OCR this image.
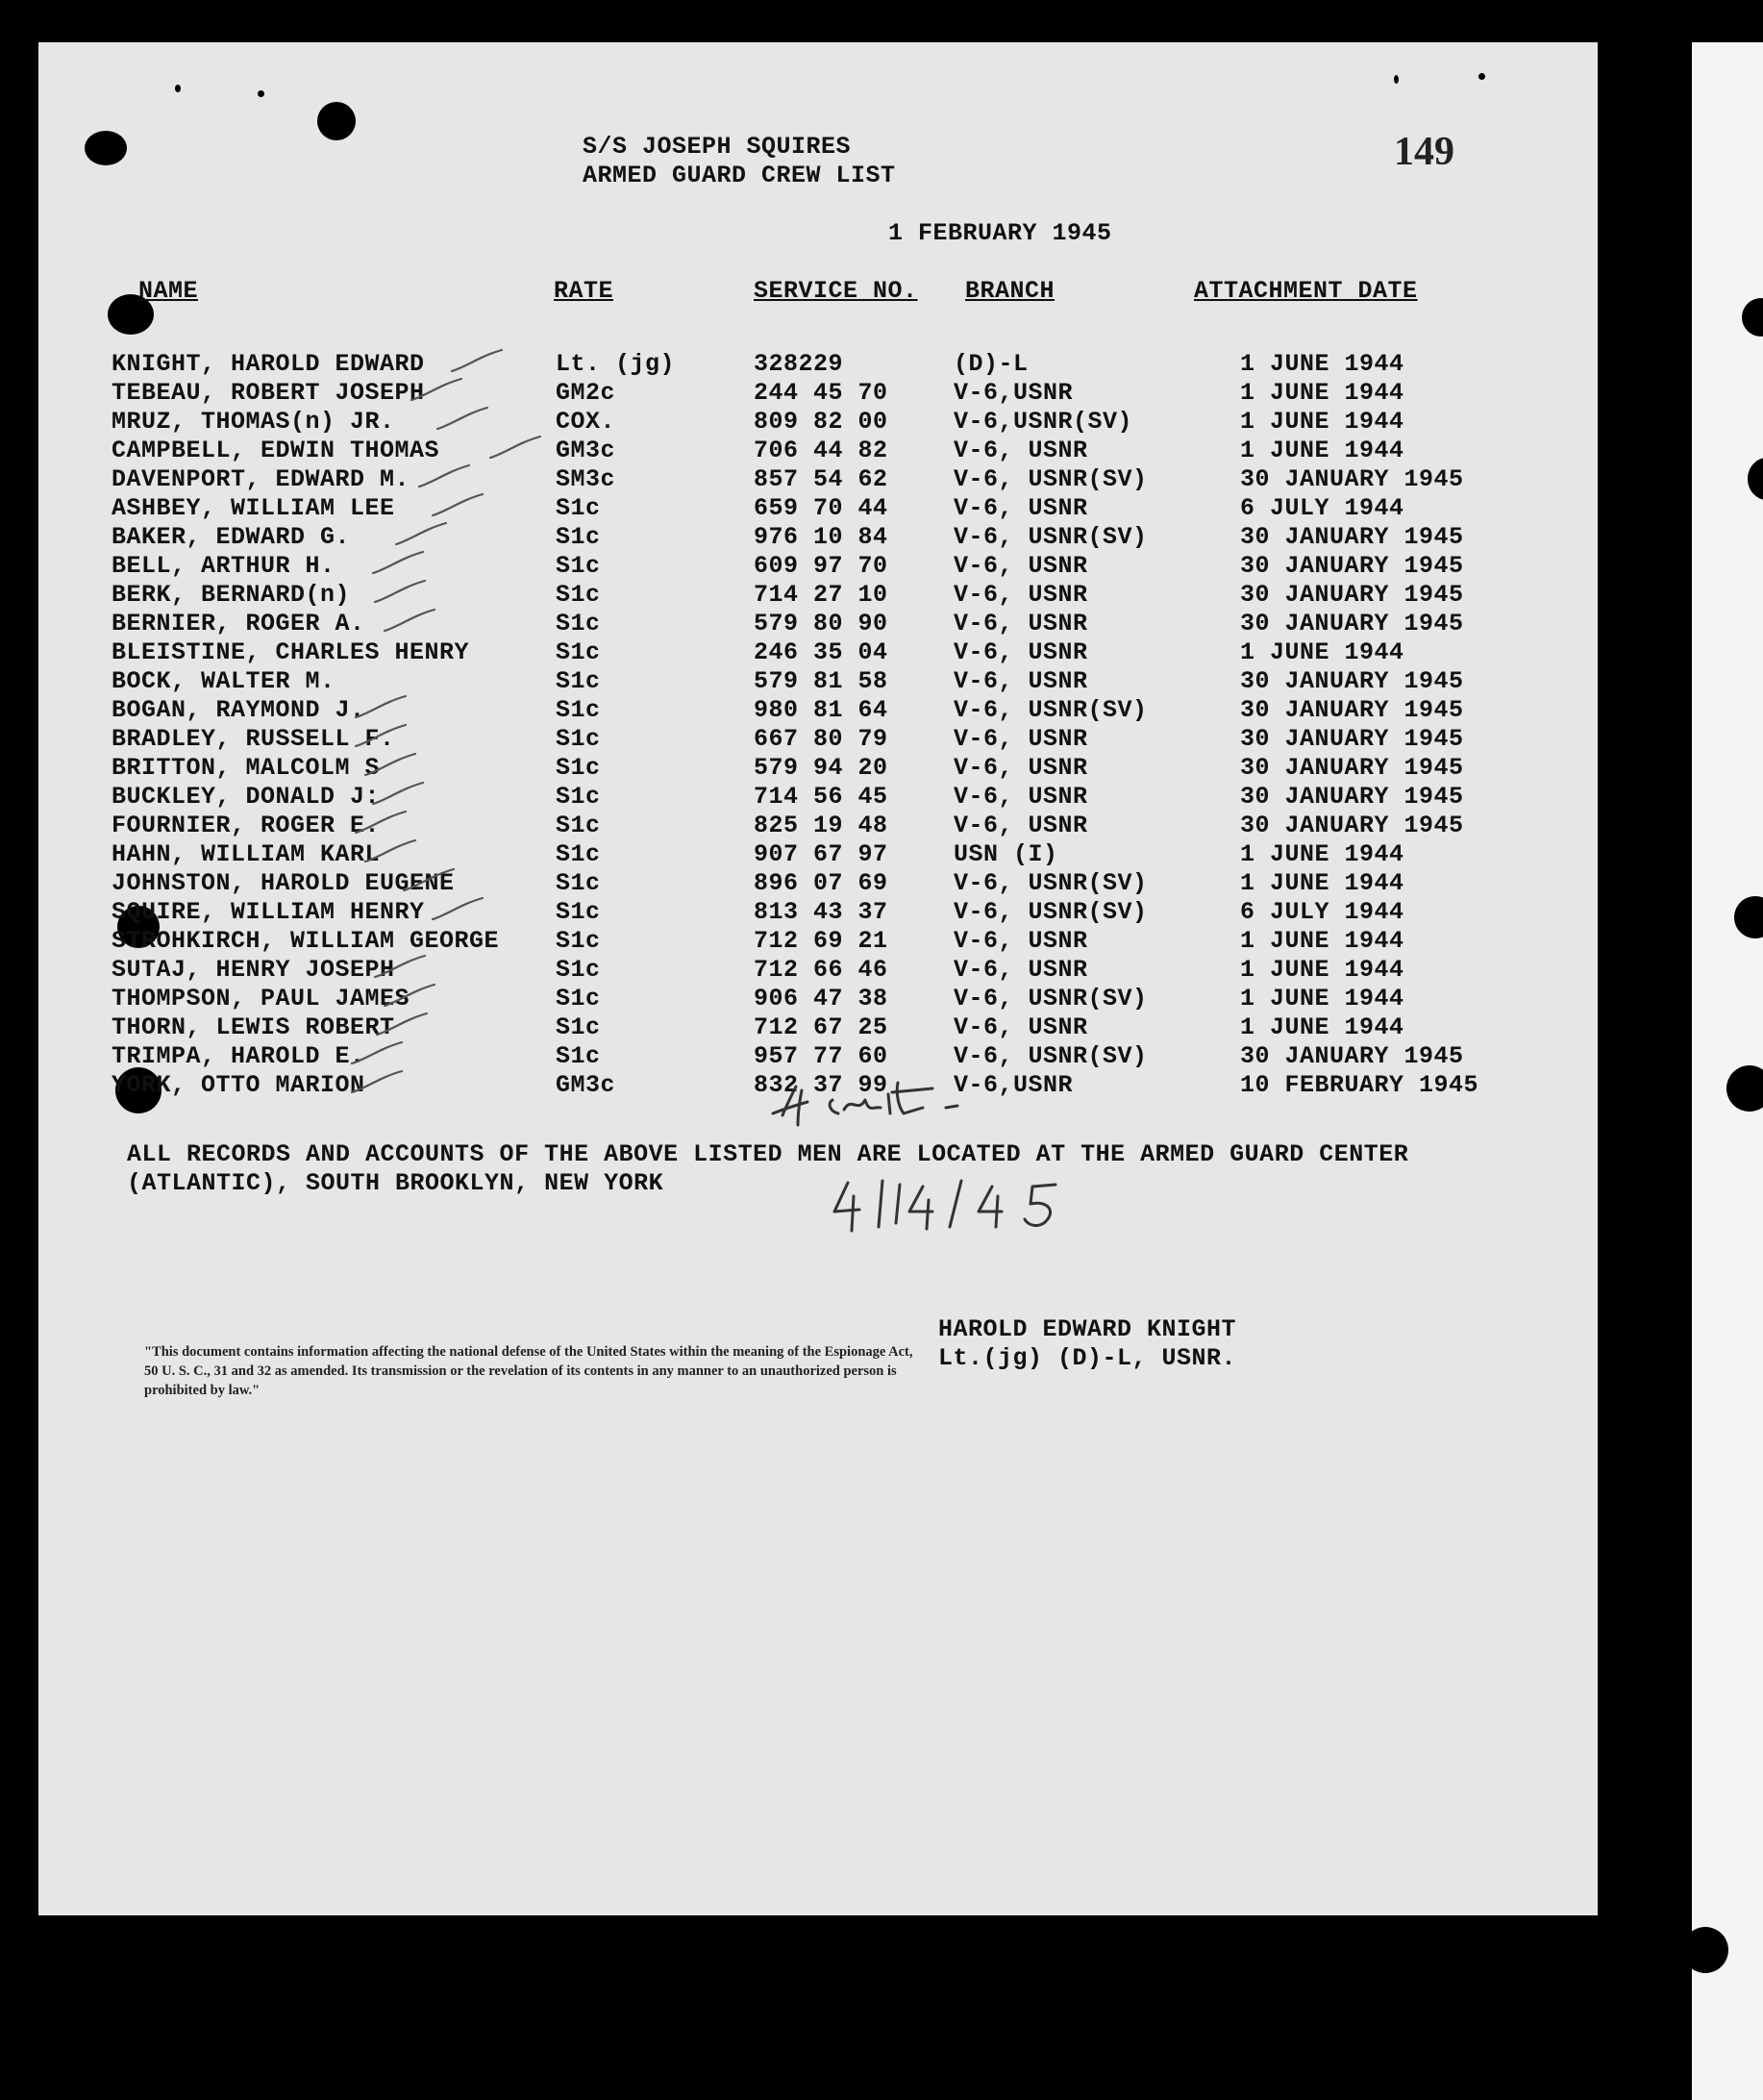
149
S/S JOSEPH SQUIRES
ARMED GUARD CREW LIST
1 FEBRUARY 1945
NAME	RATE	SERVICE NO. BRANCH	ATTACHMENT DATE
KNIGHT, HAROLD EDWARD	Lt. (jg)	328229	(D)-L	1 JUNE 1944
TEBEAU, ROBERT JOSEPH	GM2c	244 45 70	V-6,USNR	1 JUNE 1944
MRUZ, THOMAS(n) JR.	COX.	809 82 00	V-6,USNR(SV)	1 JUNE 1944
CAMPBELL, EDWIN THOMAS	GM3c	706 44 82	V-6, USNR	1 JUNE 1944
DAVENPORT, EDWARD M.	SM3c	857 54 62	V-6, USNR(SV)	30 JANUARY 1945
ASHBEY, WILLIAM LEE	S1c	659 70 44	V-6, USNR	6 JULY 1944
BAKER, EDWARD G.	S1c	976 10 84	V-6, USNR(SV)	30 JANUARY 1945
BELL, ARTHUR H.	S1c	609 97 70	V-6, USNR	30 JANUARY 1945
BERK, BERNARD(n)	S1c	714 27 10	V-6, USNR	30 JANUARY 1945
BERNIER, ROGER A.	S1c	579 80 90	V-6, USNR	30 JANUARY 1945
BLEISTINE, CHARLES HENRY	S1c	246 35 04	V-6, USNR	1 JUNE 1944
BOCK, WALTER M.	S1c	579 81 58	V-6, USNR	30 JANUARY 1945
BOGAN, RAYMOND J.	S1c	980 81 64	V-6, USNR(SV)	30 JANUARY 1945
BRADLEY, RUSSELL F.	S1c	667 80 79	V-6, USNR	30 JANUARY 1945
BRITTON, MALCOLM S	S1c	579 94 20	V-6, USNR	30 JANUARY 1945
BUCKLEY, DONALD J:	S1c	714 56 45	V-6, USNR	30 JANUARY 1945
FOURNIER, ROGER E.	S1c	825 19 48	V-6, USNR	30 JANUARY 1945
HAHN, WILLIAM KARL	S1c	907 67 97	USN (I)	1 JUNE 1944
JOHNSTON, HAROLD EUGENE	S1c	896 07 69	V-6, USNR(SV)	1 JUNE 1944
SQUIRE, WILLIAM HENRY	S1c	813 43 37	V-6, USNR(SV)	6 JULY 1944
STROHKIRCH, WILLIAM GEORGE S1c	712 69 21	V-6, USNR	1 JUNE 1944
SUTAJ, HENRY JOSEPH	S1c	712 66 46	V-6, USNR	1 JUNE 1944
THOMPSON, PAUL JAMES	S1c	906 47 38	V-6, USNR(SV)	1 JUNE 1944
THORN, LEWIS ROBERT	S1c	712 67 25	V-6, USNR	1 JUNE 1944
TRIMPA, HAROLD E.	S1c	957 77 60	V-6, USNR(SV)	30 JANUARY 1945
YORK, OTTO MARION	GM3c	832 37 99	V-6,USNR	10 FEBRUARY 1945
ALL RECORDS AND ACCOUNTS OF THE ABOVE LISTED MEN ARE LOCATED AT THE ARMED GUARD CENTER
(ATLANTIC), SOUTH BROOKLYN, NEW YORK
HAROLD EDWARD KNIGHT
Lt.(jg) (D)-L, USNR.
"This document contains information affecting the national defense of the United States within the meaning of the Espionage Act, 50 U. S. C., 31 and 32 as amended. Its transmission or the revelation of its contents in any manner to an unauthorized person is prohibited by law."
